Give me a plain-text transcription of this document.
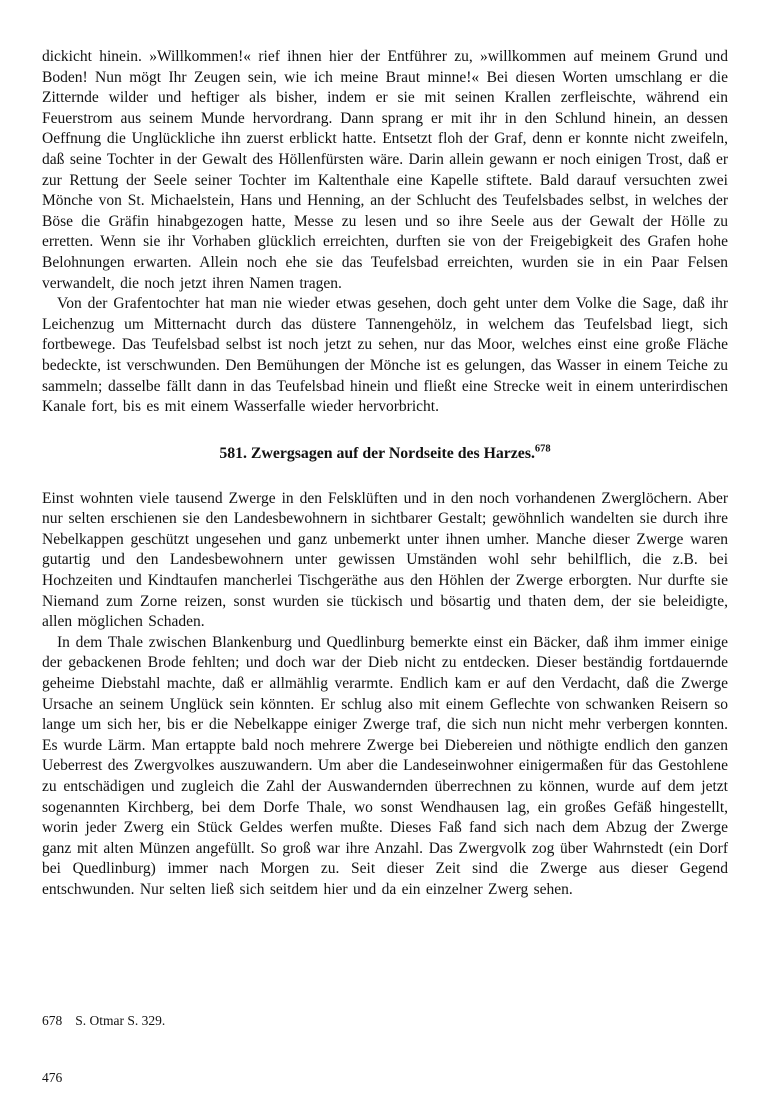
dickicht hinein. »Willkommen!« rief ihnen hier der Entführer zu, »willkommen auf meinem Grund und Boden! Nun mögt Ihr Zeugen sein, wie ich meine Braut minne!« Bei diesen Worten umschlang er die Zitternde wilder und heftiger als bisher, indem er sie mit seinen Krallen zerfleischte, während ein Feuerstrom aus seinem Munde hervordrang. Dann sprang er mit ihr in den Schlund hinein, an dessen Oeffnung die Unglückliche ihn zuerst erblickt hatte. Entsetzt floh der Graf, denn er konnte nicht zweifeln, daß seine Tochter in der Gewalt des Höllenfürsten wäre. Darin allein gewann er noch einigen Trost, daß er zur Rettung der Seele seiner Tochter im Kaltenthale eine Kapelle stiftete. Bald darauf versuchten zwei Mönche von St. Michaelstein, Hans und Henning, an der Schlucht des Teufelsbades selbst, in welches der Böse die Gräfin hinabgezogen hatte, Messe zu lesen und so ihre Seele aus der Gewalt der Hölle zu erretten. Wenn sie ihr Vorhaben glücklich erreichten, durften sie von der Freigebigkeit des Grafen hohe Belohnungen erwarten. Allein noch ehe sie das Teufelsbad erreichten, wurden sie in ein Paar Felsen verwandelt, die noch jetzt ihren Namen tragen.

Von der Grafentochter hat man nie wieder etwas gesehen, doch geht unter dem Volke die Sage, daß ihr Leichenzug um Mitternacht durch das düstere Tannengehölz, in welchem das Teufelsbad liegt, sich fortbewege. Das Teufelsbad selbst ist noch jetzt zu sehen, nur das Moor, welches einst eine große Fläche bedeckte, ist verschwunden. Den Bemühungen der Mönche ist es gelungen, das Wasser in einem Teiche zu sammeln; dasselbe fällt dann in das Teufelsbad hinein und fließt eine Strecke weit in einem unterirdischen Kanale fort, bis es mit einem Wasserfalle wieder hervorbricht.

581. Zwergsagen auf der Nordseite des Harzes.$^{678}$

Einst wohnten viele tausend Zwerge in den Felsklüften und in den noch vorhandenen Zwerglöchern. Aber nur selten erschienen sie den Landesbewohnern in sichtbarer Gestalt; gewöhnlich wandelten sie durch ihre Nebelkappen geschützt ungesehen und ganz unbemerkt unter ihnen umher. Manche dieser Zwerge waren gutartig und den Landesbewohnern unter gewissen Umständen wohl sehr behilflich, die z.B. bei Hochzeiten und Kindtaufen mancherlei Tischgeräthe aus den Höhlen der Zwerge erborgten. Nur durfte sie Niemand zum Zorne reizen, sonst wurden sie tückisch und bösartig und thaten dem, der sie beleidigte, allen möglichen Schaden.

In dem Thale zwischen Blankenburg und Quedlinburg bemerkte einst ein Bäcker, daß ihm immer einige der gebackenen Brode fehlten; und doch war der Dieb nicht zu entdecken. Dieser beständig fortdauernde geheime Diebstahl machte, daß er allmählig verarmte. Endlich kam er auf den Verdacht, daß die Zwerge Ursache an seinem Unglück sein könnten. Er schlug also mit einem Geflechte von schwanken Reisern so lange um sich her, bis er die Nebelkappe einiger Zwerge traf, die sich nun nicht mehr verbergen konnten. Es wurde Lärm. Man ertappte bald noch mehrere Zwerge bei Diebereien und nöthigte endlich den ganzen Ueberrest des Zwergvolkes auszuwandern. Um aber die Landeseinwohner einigermaßen für das Gestohlene zu entschädigen und zugleich die Zahl der Auswandernden überrechnen zu können, wurde auf dem jetzt sogenannten Kirchberg, bei dem Dorfe Thale, wo sonst Wendhausen lag, ein großes Gefäß hingestellt, worin jeder Zwerg ein Stück Geldes werfen mußte. Dieses Faß fand sich nach dem Abzug der Zwerge ganz mit alten Münzen angefüllt. So groß war ihre Anzahl. Das Zwergvolk zog über Wahrnstedt (ein Dorf bei Quedlinburg) immer nach Morgen zu. Seit dieser Zeit sind die Zwerge aus dieser Gegend entschwunden. Nur selten ließ sich seitdem hier und da ein einzelner Zwerg sehen.

678 S. Otmar S. 329.
476
